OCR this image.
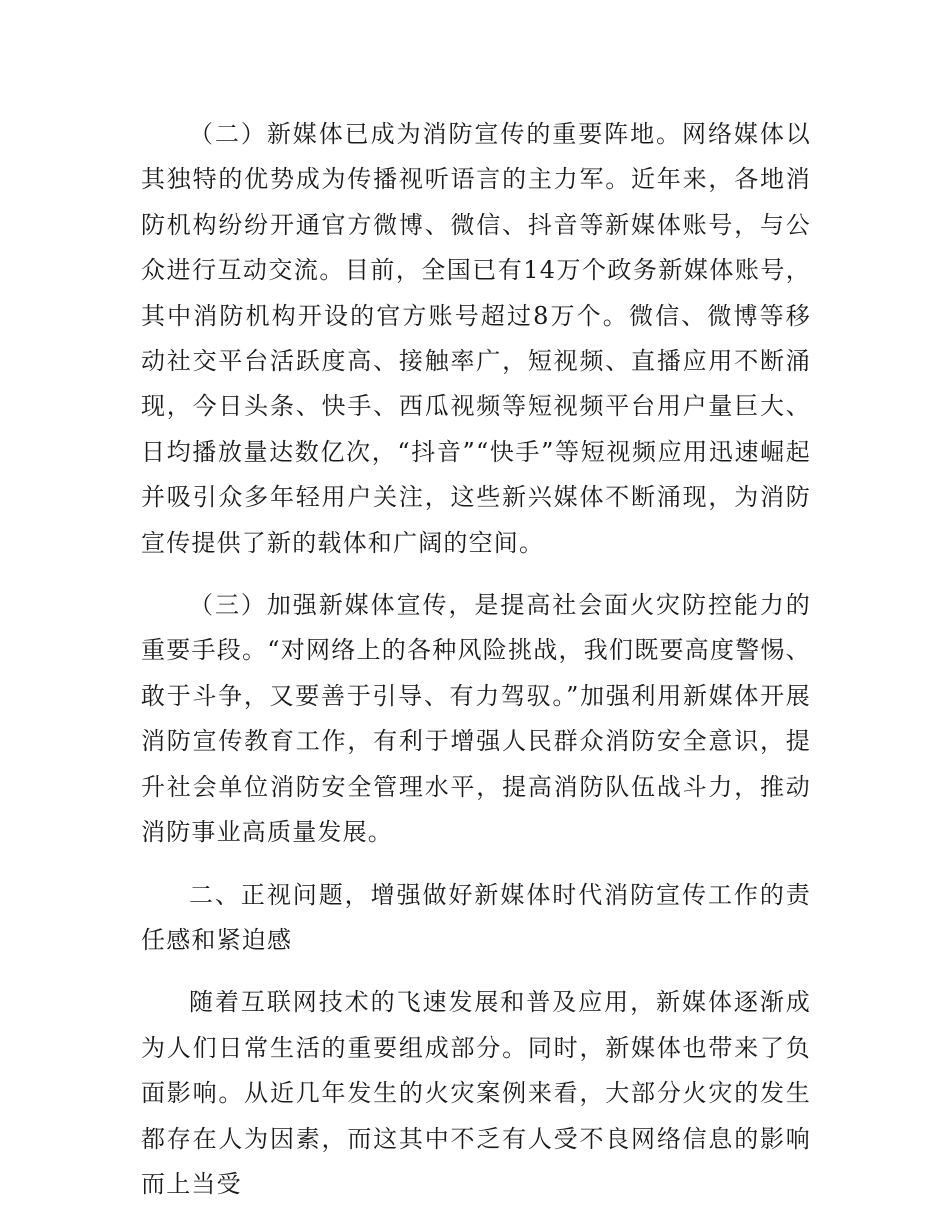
（二）新媒体已成为消防宣传的重要阵地。网络媒体以其独特的优势成为传播视听语言的主力军。近年来，各地消防机构纷纷开通官方微博、微信、抖音等新媒体账号，与公众进行互动交流。目前，全国已有14万个政务新媒体账号，其中消防机构开设的官方账号超过8万个。微信、微博等移动社交平台活跃度高、接触率广，短视频、直播应用不断涌现，今日头条、快手、西瓜视频等短视频平台用户量巨大、日均播放量达数亿次，“抖音”“快手”等短视频应用迅速崛起并吸引众多年轻用户关注，这些新兴媒体不断涌现，为消防宣传提供了新的载体和广阔的空间。

（三）加强新媒体宣传，是提高社会面火灾防控能力的重要手段。“对网络上的各种风险挑战，我们既要高度警惕、敢于斗争，又要善于引导、有力驾驭。”加强利用新媒体开展消防宣传教育工作，有利于增强人民群众消防安全意识，提升社会单位消防安全管理水平，提高消防队伍战斗力，推动消防事业高质量发展。

二、正视问题，增强做好新媒体时代消防宣传工作的责任感和紧迫感

随着互联网技术的飞速发展和普及应用，新媒体逐渐成为人们日常生活的重要组成部分。同时，新媒体也带来了负面影响。从近几年发生的火灾案例来看，大部分火灾的发生都存在人为因素，而这其中不乏有人受不良网络信息的影响而上当受
